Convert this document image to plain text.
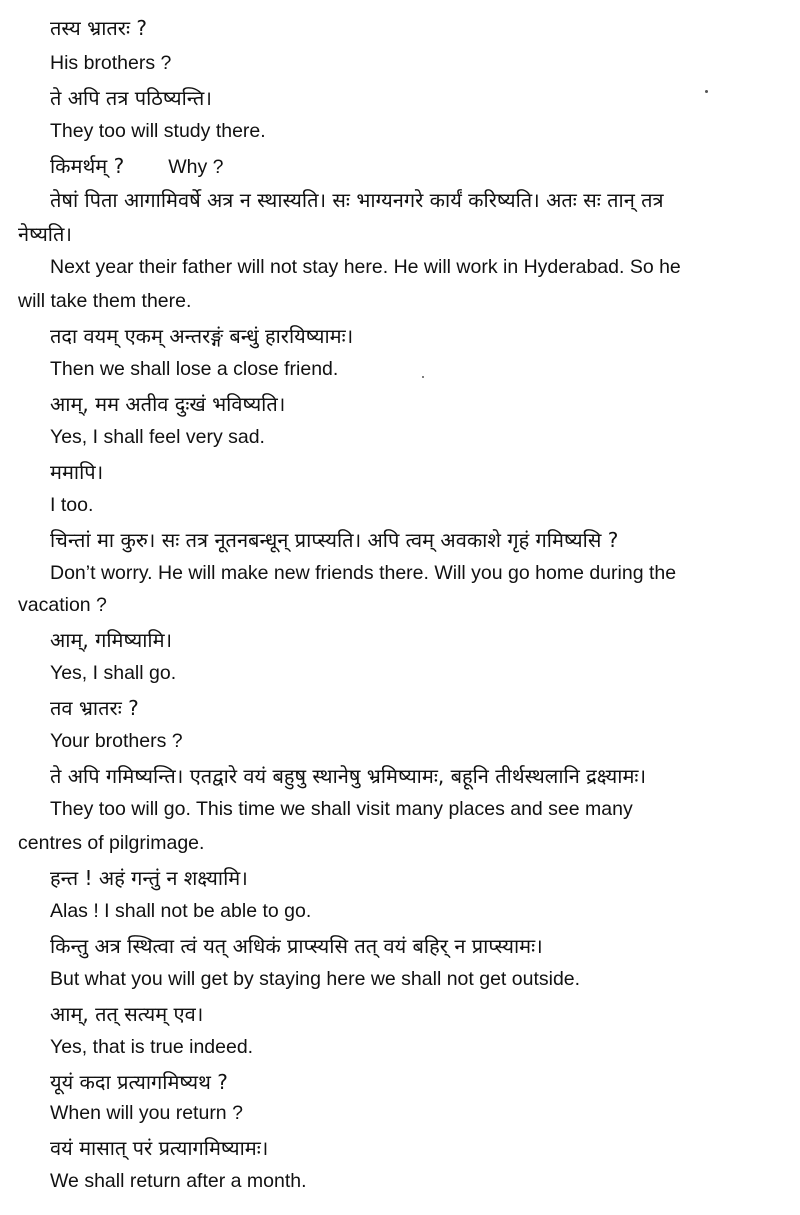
तस्य भ्रातरः ?

His brothers ?

ते अपि तत्र पठिष्यन्ति।

They too will study there.

किमर्थम् ? Why ?

तेषां पिता आगामिवर्षे अत्र न स्थास्यति। सः भाग्यनगरे कार्यं करिष्यति। अतः सः तान् तत्र

नेष्यति।

Next year their father will not stay here. He will work in Hyderabad. So he

will take them there.

तदा वयम् एकम् अन्तरङ्गं बन्धुं हारयिष्यामः।

Then we shall lose a close friend.

आम्, मम अतीव दुःखं भविष्यति।

Yes, I shall feel very sad.

ममापि।

I too.

चिन्तां मा कुरु। सः तत्र नूतनबन्धून् प्राप्स्यति। अपि त्वम् अवकाशे गृहं गमिष्यसि ?

Don’t worry. He will make new friends there. Will you go home during the

vacation ?

आम्, गमिष्यामि।

Yes, I shall go.

तव भ्रातरः ?

Your brothers ?

ते अपि गमिष्यन्ति। एतद्वारे वयं बहुषु स्थानेषु भ्रमिष्यामः, बहूनि तीर्थस्थलानि द्रक्ष्यामः।

They too will go. This time we shall visit many places and see many

centres of pilgrimage.

हन्त ! अहं गन्तुं न शक्ष्यामि।

Alas ! I shall not be able to go.

किन्तु अत्र स्थित्वा त्वं यत् अधिकं प्राप्स्यसि तत् वयं बहिर् न प्राप्स्यामः।

But what you will get by staying here we shall not get outside.

आम्, तत् सत्यम् एव।

Yes, that is true indeed.

यूयं कदा प्रत्यागमिष्यथ ?

When will you return ?

वयं मासात् परं प्रत्यागमिष्यामः।

We shall return after a month.
